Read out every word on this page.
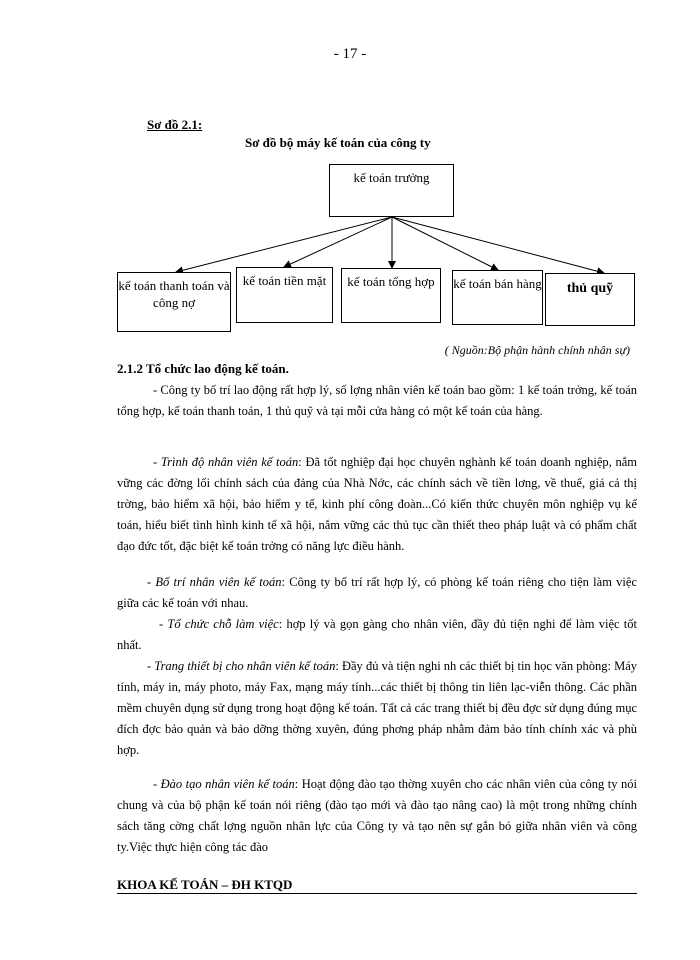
- 17 -
Sơ đồ 2.1:
Sơ đồ bộ máy kế toán của công ty
kế toán trưởng
kế toán thanh toán và công nợ
kế toán tiền mặt	kế toán tổng hợp	kế toán bán hàng	thủ quỹ
( Nguồn:Bộ phận hành chính nhân sự)
2.1.2 Tổ chức lao động kế toán.
- Công ty bố trí lao động rất hợp lý, số lợng nhân viên kế toán bao gồm: 1 kế toán trởng, kế toán tổng hợp, kế toán thanh toán, 1 thủ quỹ và tại mỗi cửa hàng có một kế toán của hàng.
- Trình độ nhân viên kế toán: Đã tốt nghiệp đại học chuyên nghành kế toán doanh nghiệp, nắm vững các đờng lối chính sách của đảng của Nhà Nớc, các chính sách về tiền lơng, về thuế, giá cả thị trờng, bảo hiểm xã hội, bảo hiểm y tế, kinh phí công đoàn...Có kiến thức chuyên môn nghiệp vụ kế toán, hiểu biết tình hình kinh tế xã hội, nắm vững các thủ tục cần thiết theo pháp luật và có phẩm chất đạo đức tốt, đặc biệt kế toán trởng có năng lực điều hành.
- Bố trí nhân viên kế toán: Công ty bố trí rất hợp lý, có phòng kế toán riêng cho tiện làm việc giữa các kế toán với nhau.
- Tổ chức chỗ làm việc: hợp lý và gọn gàng cho nhân viên, đầy đủ tiện nghi để làm việc tốt nhất.
- Trang thiết bị cho nhân viên kế toán: Đầy đủ và tiện nghi nh các thiết bị tin học văn phòng: Máy tính, máy in, máy photo, máy Fax, mạng máy tính...các thiết bị thông tin liên lạc-viễn thông. Các phần mềm chuyên dụng sử dụng trong hoạt động kế toán. Tất cả các trang thiết bị đều đợc sử dụng đúng mục đích đợc bảo quản và bảo dỡng thờng xuyên, đúng phơng pháp nhằm đảm bảo tính chính xác và phù hợp.
- Đào tạo nhân viên kế toán: Hoạt động đào tạo thờng xuyên cho các nhân viên của công ty nói chung và của bộ phận kế toán nói riêng (đào tạo mới và đào tạo nâng cao) là một trong những chính sách tăng cờng chất lợng nguồn nhân lực của Công ty và tạo nên sự gắn bó giữa nhân viên và công ty.Việc thực hiện công tác đào
KHOA KẾ TOÁN – ĐH KTQD
